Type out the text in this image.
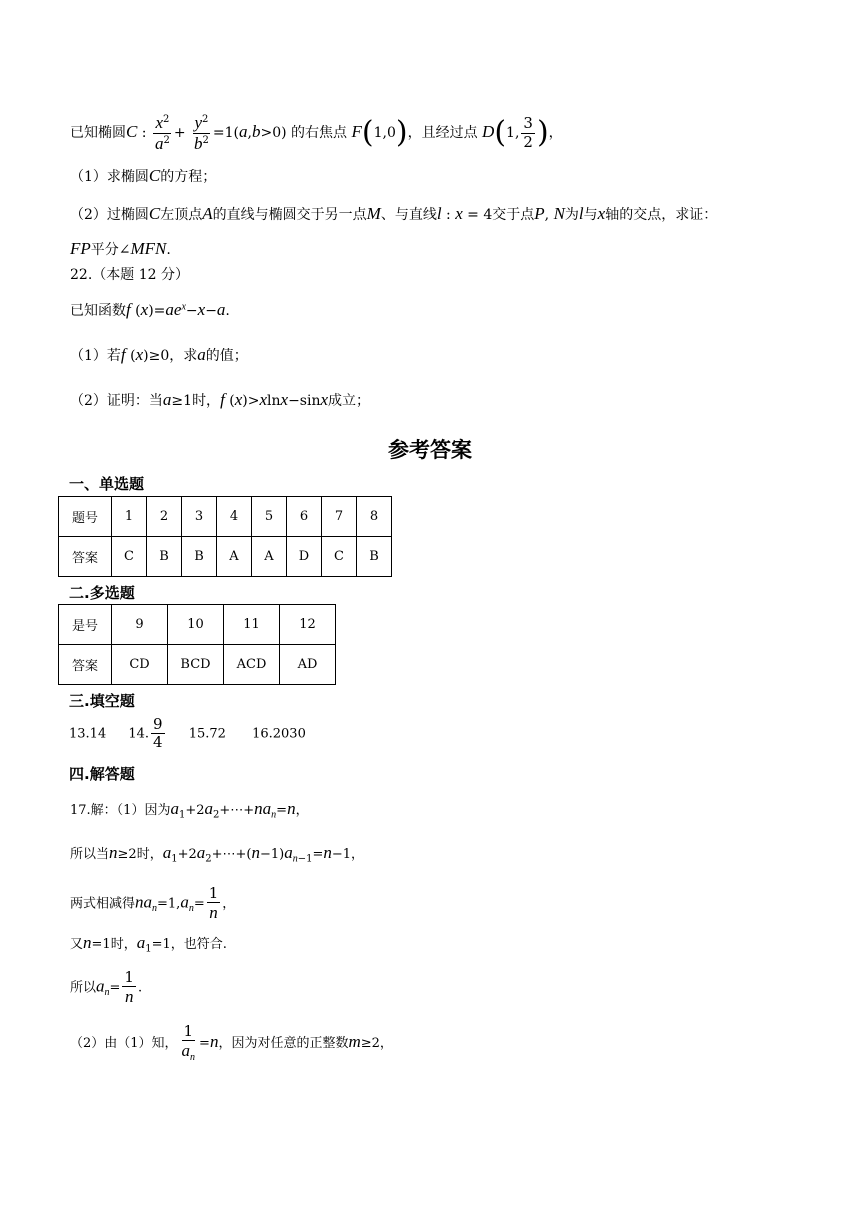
已知椭圆C : $\frac{x^2}{a^2} + \frac{y^2}{b^2} =1(a,b>0)$ 的右焦点 F(1,0)，且经过点 D(1, $\frac{3}{2}$ )，
（1）求椭圆C的方程；
（2）过椭圆C左顶点A的直线与椭圆交于另一点M、与直线l : x = 4交于点P, N为l与x轴的交点，求证：
FP平分∠MFN.
22.（本题 12 分）
已知函数f $(x)=ae^x-x-a$.
（1）若f (x)≥0，求a的值；
（2）证明：当a≥1时，f (x)>xlnx−sinx成立；
参考答案
一、单选题
题号	1	2	3	4	5	6	7	8
答案	C	B	B	A	A	D	C	B
二.多选题
是号	9	10	11	12
答案	CD	BCD	ACD	AD
三.填空题
13.14 14. $\frac{9}{4} 15.72$ 16.2030
四.解答题
17.解：（1）因为$a_1+2a_2+\cdots+na_n=n$，
所以当n≥2时，$a_1+2a_2+\cdots+(n-1)a_{n-1}=n-1$，
两式相减得$na_n=1,a_n= \frac{1}{n}$ ，
又n=1时，$a_1=1$，也符合.
所以$a_n= \frac{1}{n}$ .
（2）由（1）知， $\frac{1}{a_n} =n$，因为对任意的正整数m≥2，
